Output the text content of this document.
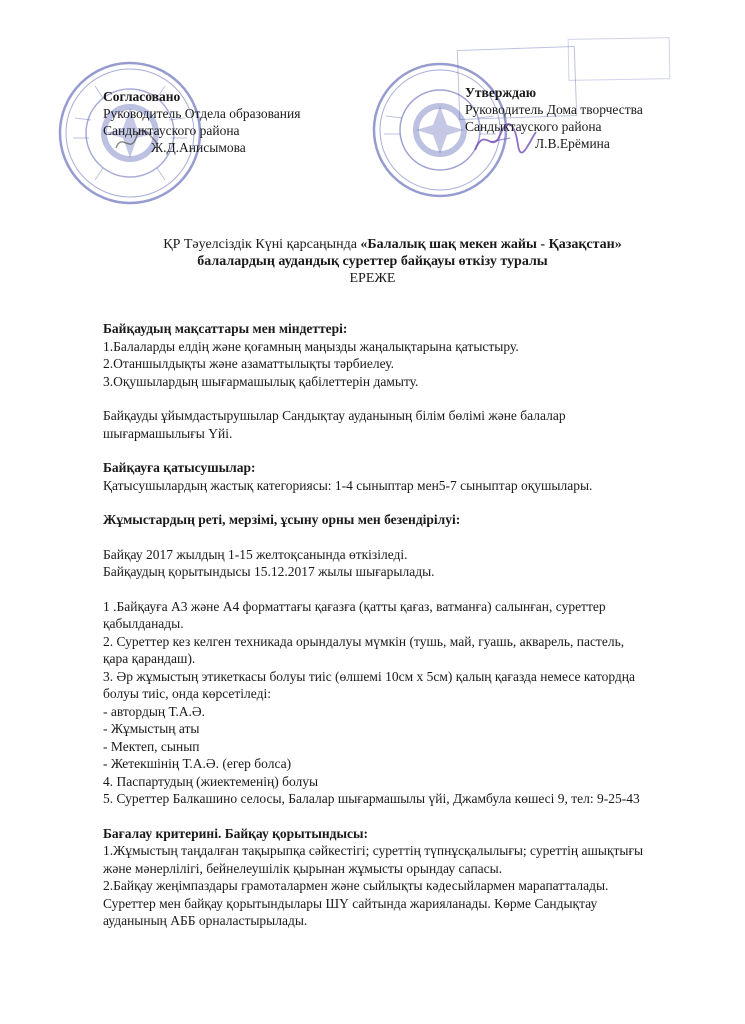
Согласовано
Руководитель Отдела образования
Сандыктауского района
Ж.Д.Анисымова
Утверждаю
Руководитель Дома творчества
Сандыктауского района
Л.В.Ерёмина
ҚР Тәуелсіздік Күні қарсаңында «Балалық шақ мекен жайы - Қазақстан»
балалардың аудандық суреттер байқауы өткізу туралы
ЕРЕЖЕ

Байқаудың мақсаттары мен міндеттері:

1.Балаларды елдің және қоғамның маңызды жаңалықтарына қатыстыру.

2.Отаншылдықты және азаматтылықты тәрбиелеу.

3.Оқушылардың шығармашылық қабілеттерін дамыту.

Байқауды ұйымдастырушылар Сандықтау ауданының білім бөлімі және балалар шығармашылығы Үйі.

Байқауға қатысушылар:

Қатысушылардың жастық категориясы: 1-4 сыныптар мен5-7 сыныптар оқушылары.

Жұмыстардың реті, мерзімі, ұсыну орны мен безендірілуі:

Байқау 2017 жылдың 1-15 желтоқсанында өткізіледі.

Байқаудың қорытындысы 15.12.2017 жылы шығарылады.

1 .Байқауға А3 және А4 форматтағы қағазға (қатты қағаз, ватманға) салынған, суреттер қабылданады.

2. Суреттер кез келген техникада орындалуы мүмкін (тушь, май, гуашь, акварель, пастель, қара қарандаш).

3. Әр жұмыстың этикеткасы болуы тиіс (өлшемі 10см х 5см) қалың қағазда немесе катордңа болуы тиіс, онда көрсетіледі:

- автордың Т.А.Ә.

- Жұмыстың аты

- Мектеп, сынып

- Жетекшінің Т.А.Ә. (егер болса)

4. Паспартудың (жиектеменің) болуы

5. Суреттер Балкашино селосы, Балалар шығармашылы үйі, Джамбула көшесі 9, тел: 9-25-43

Бағалау критерині. Байқау қорытындысы:

1.Жұмыстың таңдалған тақырыпқа сәйкестігі; суреттің түпнұсқалылығы; суреттің ашықтығы және мәнерлілігі, бейнелеушілік қырынан жұмысты орындау сапасы.

2.Байқау жеңімпаздары грамоталармен және сыйлықты кәдесыйлармен марапатталады. Суреттер мен байқау қорытындылары ШҮ сайтында жарияланады. Көрме Сандықтау ауданының АББ орналастырылады.
